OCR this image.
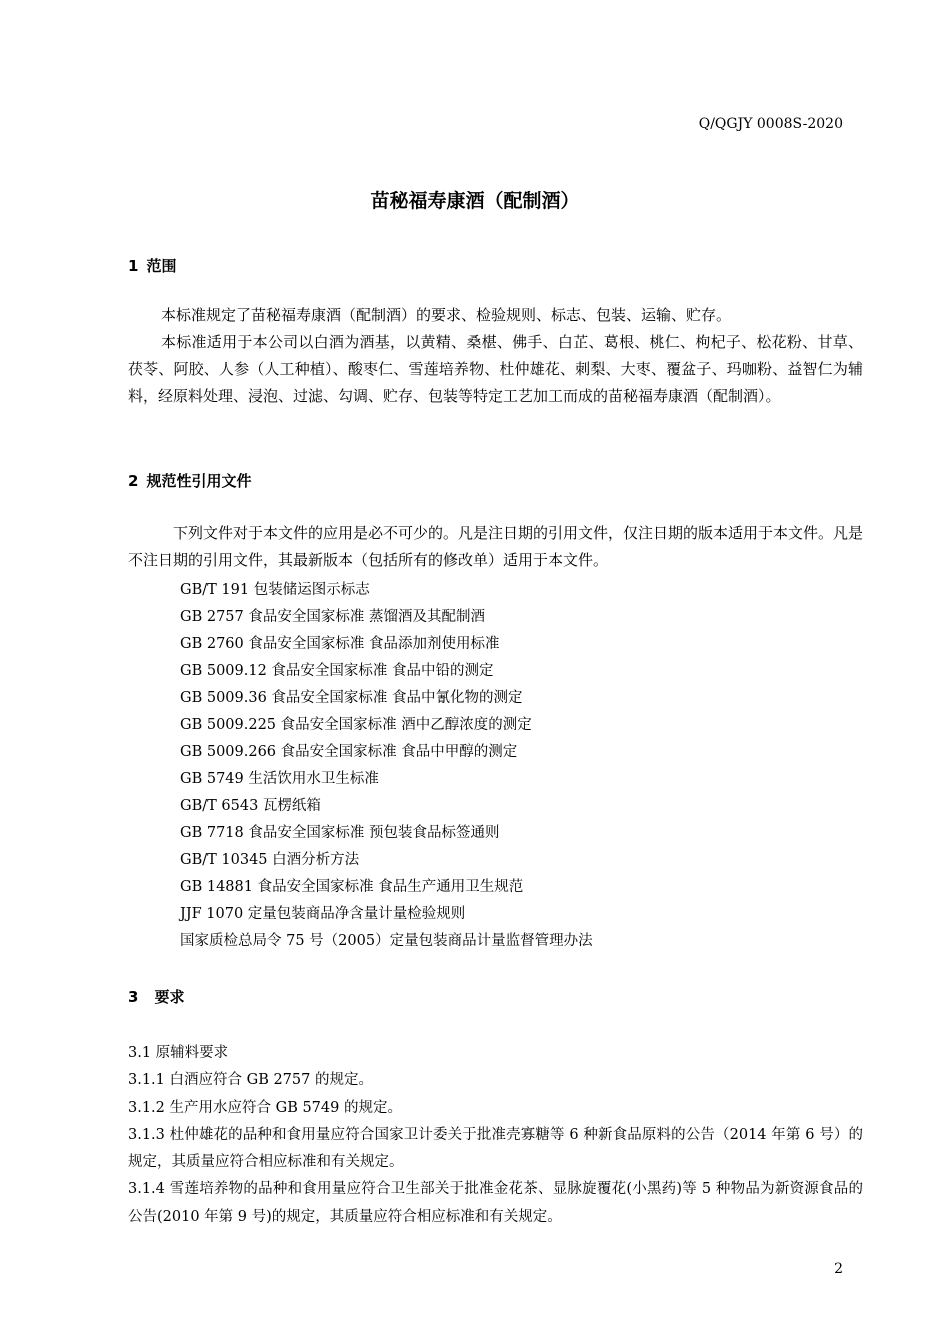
Q/QGJY 0008S-2020
苗秘福寿康酒（配制酒）
1 范围

本标准规定了苗秘福寿康酒（配制酒）的要求、检验规则、标志、包装、运输、贮存。

本标准适用于本公司以白酒为酒基，以黄精、桑椹、佛手、白芷、葛根、桃仁、枸杞子、松花粉、甘草、茯苓、阿胶、人参（人工种植）、酸枣仁、雪莲培养物、杜仲雄花、刺梨、大枣、覆盆子、玛咖粉、益智仁为辅料，经原料处理、浸泡、过滤、勾调、贮存、包装等特定工艺加工而成的苗秘福寿康酒（配制酒）。

2 规范性引用文件

下列文件对于本文件的应用是必不可少的。凡是注日期的引用文件，仅注日期的版本适用于本文件。凡是不注日期的引用文件，其最新版本（包括所有的修改单）适用于本文件。

GB/T 191 包装储运图示标志
GB 2757 食品安全国家标准 蒸馏酒及其配制酒
GB 2760 食品安全国家标准 食品添加剂使用标准
GB 5009.12 食品安全国家标准 食品中铅的测定
GB 5009.36 食品安全国家标准 食品中氰化物的测定
GB 5009.225 食品安全国家标准 酒中乙醇浓度的测定
GB 5009.266 食品安全国家标准 食品中甲醇的测定
GB 5749 生活饮用水卫生标准
GB/T 6543 瓦楞纸箱
GB 7718 食品安全国家标准 预包装食品标签通则
GB/T 10345 白酒分析方法
GB 14881 食品安全国家标准 食品生产通用卫生规范
JJF 1070 定量包装商品净含量计量检验规则
国家质检总局令 75 号（2005）定量包装商品计量监督管理办法
3 要求

3.1 原辅料要求

3.1.1 白酒应符合 GB 2757 的规定。

3.1.2 生产用水应符合 GB 5749 的规定。

3.1.3 杜仲雄花的品种和食用量应符合国家卫计委关于批准壳寡糖等 6 种新食品原料的公告（2014 年第 6 号）的规定，其质量应符合相应标准和有关规定。

3.1.4 雪莲培养物的品种和食用量应符合卫生部关于批准金花茶、显脉旋覆花(小黑药)等 5 种物品为新资源食品的公告(2010 年第 9 号)的规定，其质量应符合相应标准和有关规定。

2
